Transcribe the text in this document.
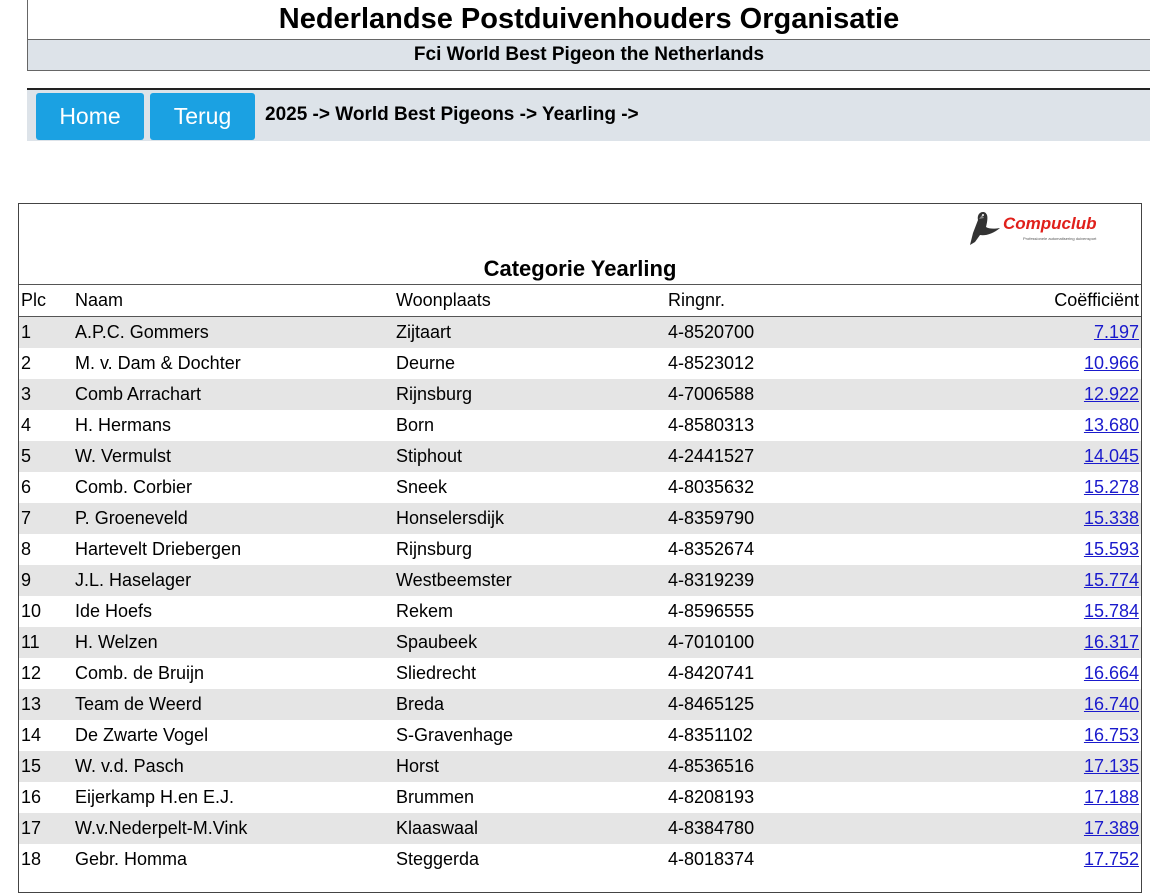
Nederlandse Postduivenhouders Organisatie
Fci World Best Pigeon the Netherlands
Home	Terug	2025 -> World Best Pigeons -> Yearling ->
Compuclub
Professionele automatisering duivensport
Categorie Yearling
Plc	Naam	Woonplaats	Ringnr.	Coëfficiënt
1	A.P.C. Gommers	Zijtaart	4-8520700	7.197
2	M. v. Dam & Dochter	Deurne	4-8523012	10.966
3	Comb Arrachart	Rijnsburg	4-7006588	12.922
4	H. Hermans	Born	4-8580313	13.680
5	W. Vermulst	Stiphout	4-2441527	14.045
6	Comb. Corbier	Sneek	4-8035632	15.278
7	P. Groeneveld	Honselersdijk	4-8359790	15.338
8	Hartevelt Driebergen	Rijnsburg	4-8352674	15.593
9	J.L. Haselager	Westbeemster	4-8319239	15.774
10	Ide Hoefs	Rekem	4-8596555	15.784
11	H. Welzen	Spaubeek	4-7010100	16.317
12	Comb. de Bruijn	Sliedrecht	4-8420741	16.664
13	Team de Weerd	Breda	4-8465125	16.740
14	De Zwarte Vogel	S-Gravenhage	4-8351102	16.753
15	W. v.d. Pasch	Horst	4-8536516	17.135
16	Eijerkamp H.en E.J.	Brummen	4-8208193	17.188
17	W.v.Nederpelt-M.Vink	Klaaswaal	4-8384780	17.389
18	Gebr. Homma	Steggerda	4-8018374	17.752
